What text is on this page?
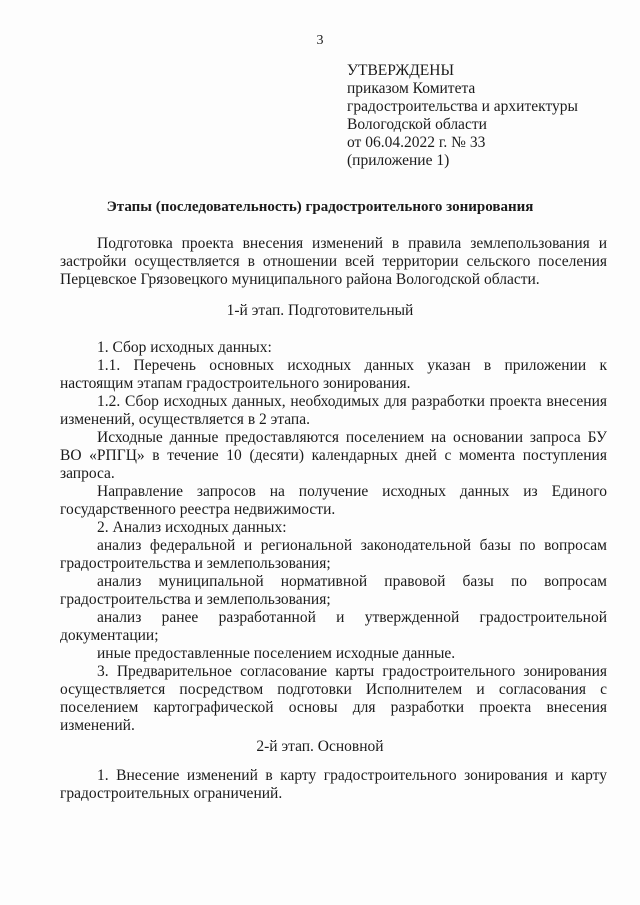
3
УТВЕРЖДЕНЫ
приказом Комитета
градостроительства и архитектуры
Вологодской области
от 06.04.2022 г. № 33
(приложение 1)
Этапы (последовательность) градостроительного зонирования

Подготовка проекта внесения изменений в правила землепользования и застройки осуществляется в отношении всей территории сельского поселения Перцевское Грязовецкого муниципального района Вологодской области.

1-й этап. Подготовительный

1. Сбор исходных данных:

1.1. Перечень основных исходных данных указан в приложении к настоящим этапам градостроительного зонирования.

1.2. Сбор исходных данных, необходимых для разработки проекта внесения изменений, осуществляется в 2 этапа.

Исходные данные предоставляются поселением на основании запроса БУ ВО «РПГЦ» в течение 10 (десяти) календарных дней с момента поступления запроса.

Направление запросов на получение исходных данных из Единого государственного реестра недвижимости.

2. Анализ исходных данных:

анализ федеральной и региональной законодательной базы по вопросам градостроительства и землепользования;

анализ муниципальной нормативной правовой базы по вопросам градостроительства и землепользования;

анализ ранее разработанной и утвержденной градостроительной документации;

иные предоставленные поселением исходные данные.

3. Предварительное согласование карты градостроительного зонирования осуществляется посредством подготовки Исполнителем и согласования с поселением картографической основы для разработки проекта внесения изменений.

2-й этап. Основной

1. Внесение изменений в карту градостроительного зонирования и карту градостроительных ограничений.
